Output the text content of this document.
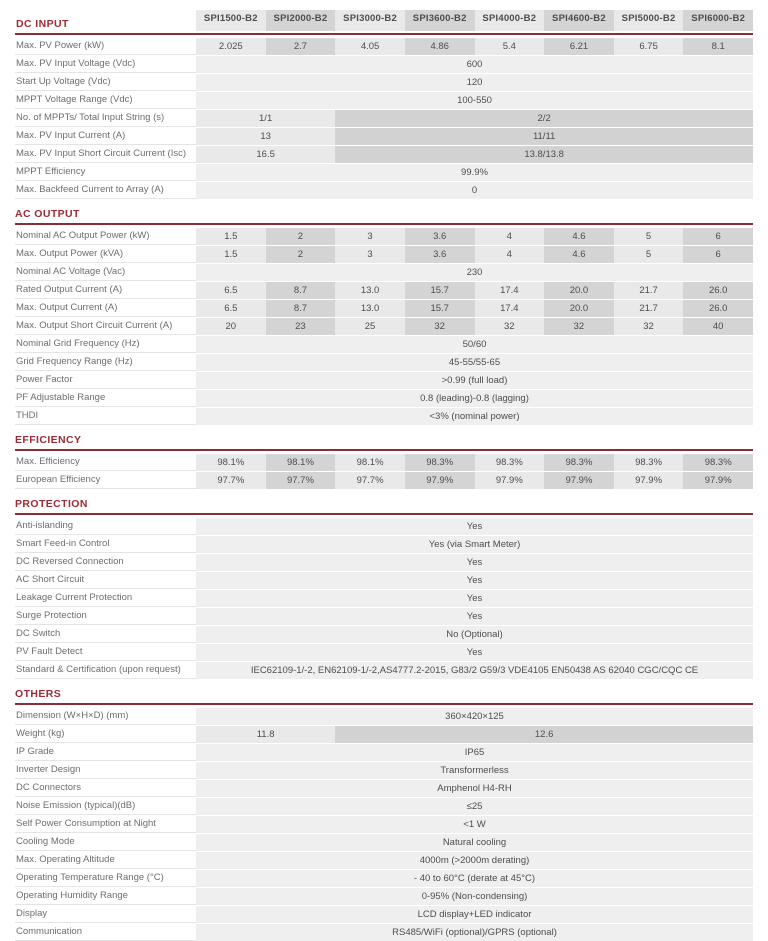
DC INPUT	SPI1500-B2	SPI2000-B2	SPI3000-B2	SPI3600-B2	SPI4000-B2	SPI4600-B2	SPI5000-B2	SPI6000-B2
Max. PV Power (kW)	2.025	2.7	4.05	4.86	5.4	6.21	6.75	8.1
Max. PV Input Voltage (Vdc)	600
Start Up Voltage (Vdc)	120
MPPT Voltage Range (Vdc)	100-550
No. of MPPTs/ Total Input String (s)	1/1	2/2
Max. PV Input Current (A)	13	11/11
Max. PV Input Short Circuit Current (Isc)	16.5	13.8/13.8
MPPT Efficiency	99.9%
Max. Backfeed Current to Array (A)	0
AC OUTPUT
Nominal AC Output Power (kW)	1.5	2	3	3.6	4	4.6	5	6
Max. Output Power (kVA)	1.5	2	3	3.6	4	4.6	5	6
Nominal AC Voltage (Vac)	230
Rated Output Current (A)	6.5	8.7	13.0	15.7	17.4	20.0	21.7	26.0
Max. Output Current (A)	6.5	8.7	13.0	15.7	17.4	20.0	21.7	26.0
Max. Output Short Circuit Current (A)	20	23	25	32	32	32	32	40
Nominal Grid Frequency (Hz)	50/60
Grid Frequency Range (Hz)	45-55/55-65
Power Factor	>0.99 (full load)
PF Adjustable Range	0.8 (leading)-0.8 (lagging)
THDI	<3% (nominal power)
EFFICIENCY
Max. Efficiency	98.1%	98.1%	98.1%	98.3%	98.3%	98.3%	98.3%	98.3%
European Efficiency	97.7%	97.7%	97.7%	97.9%	97.9%	97.9%	97.9%	97.9%
PROTECTION
Anti-islanding	Yes
Smart Feed-in Control	Yes (via Smart Meter)
DC Reversed Connection	Yes
AC Short Circuit	Yes
Leakage Current Protection	Yes
Surge Protection	Yes
DC Switch	No (Optional)
PV Fault Detect	Yes
Standard & Certification (upon request)	IEC62109-1/-2, EN62109-1/-2,AS4777.2-2015, G83/2 G59/3 VDE4105 EN50438 AS 62040 CGC/CQC CE
OTHERS
Dimension (W×H×D) (mm)	360×420×125
Weight (kg)	11.8	12.6
IP Grade	IP65
Inverter Design	Transformerless
DC Connectors	Amphenol H4-RH
Noise Emission (typical)(dB)	≤25
Self Power Consumption at Night	<1 W
Cooling Mode	Natural cooling
Max. Operating Altitude	4000m (>2000m derating)
Operating Temperature Range (°C)	- 40 to 60°C (derate at 45°C)
Operating Humidity Range	0-95% (Non-condensing)
Display	LCD display+LED indicator
Communication	RS485/WiFi (optional)/GPRS (optional)
